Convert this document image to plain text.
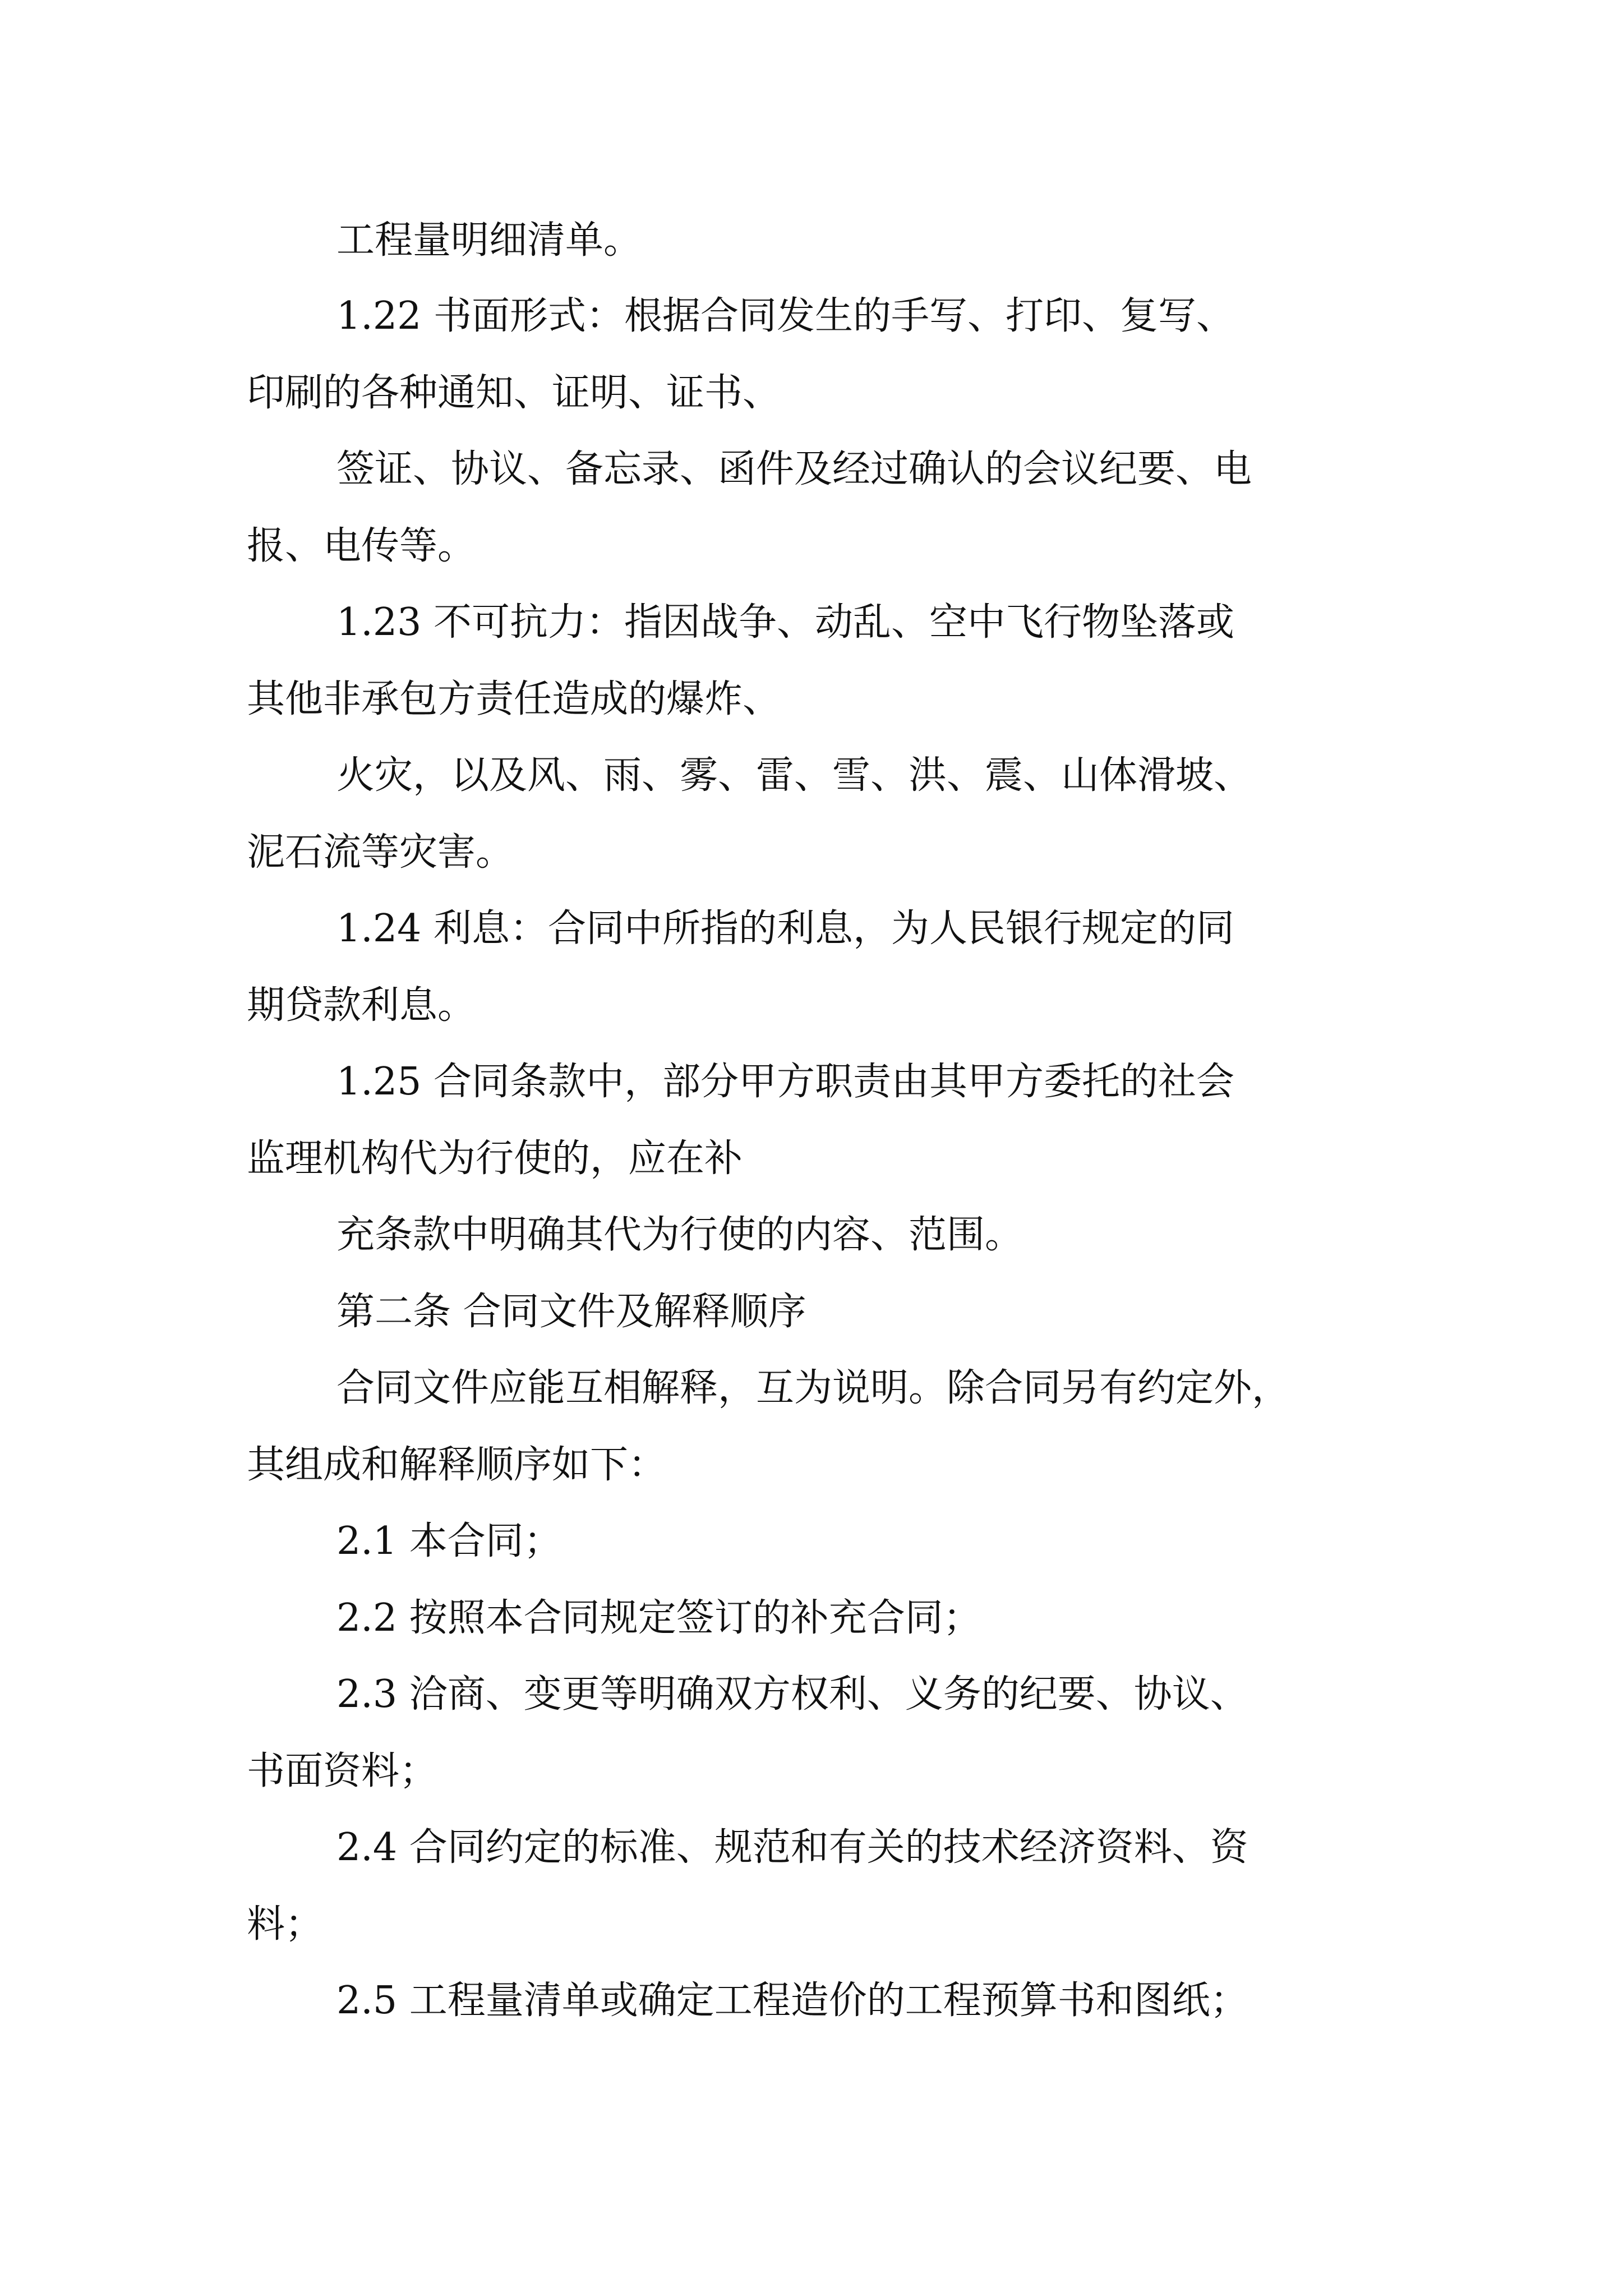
工程量明细清单。

1.22 书面形式：根据合同发生的手写、打印、复写、

印刷的各种通知、证明、证书、

签证、协议、备忘录、函件及经过确认的会议纪要、电

报、电传等。

1.23 不可抗力：指因战争、动乱、空中飞行物坠落或

其他非承包方责任造成的爆炸、

火灾，以及风、雨、雾、雷、雪、洪、震、山体滑坡、

泥石流等灾害。

1.24 利息：合同中所指的利息，为人民银行规定的同

期贷款利息。

1.25 合同条款中，部分甲方职责由其甲方委托的社会

监理机构代为行使的，应在补

充条款中明确其代为行使的内容、范围。

第二条 合同文件及解释顺序

合同文件应能互相解释，互为说明。除合同另有约定外，

其组成和解释顺序如下：

2.1 本合同；

2.2 按照本合同规定签订的补充合同；

2.3 洽商、变更等明确双方权利、义务的纪要、协议、

书面资料；

2.4 合同约定的标准、规范和有关的技术经济资料、资

料；

2.5 工程量清单或确定工程造价的工程预算书和图纸；
